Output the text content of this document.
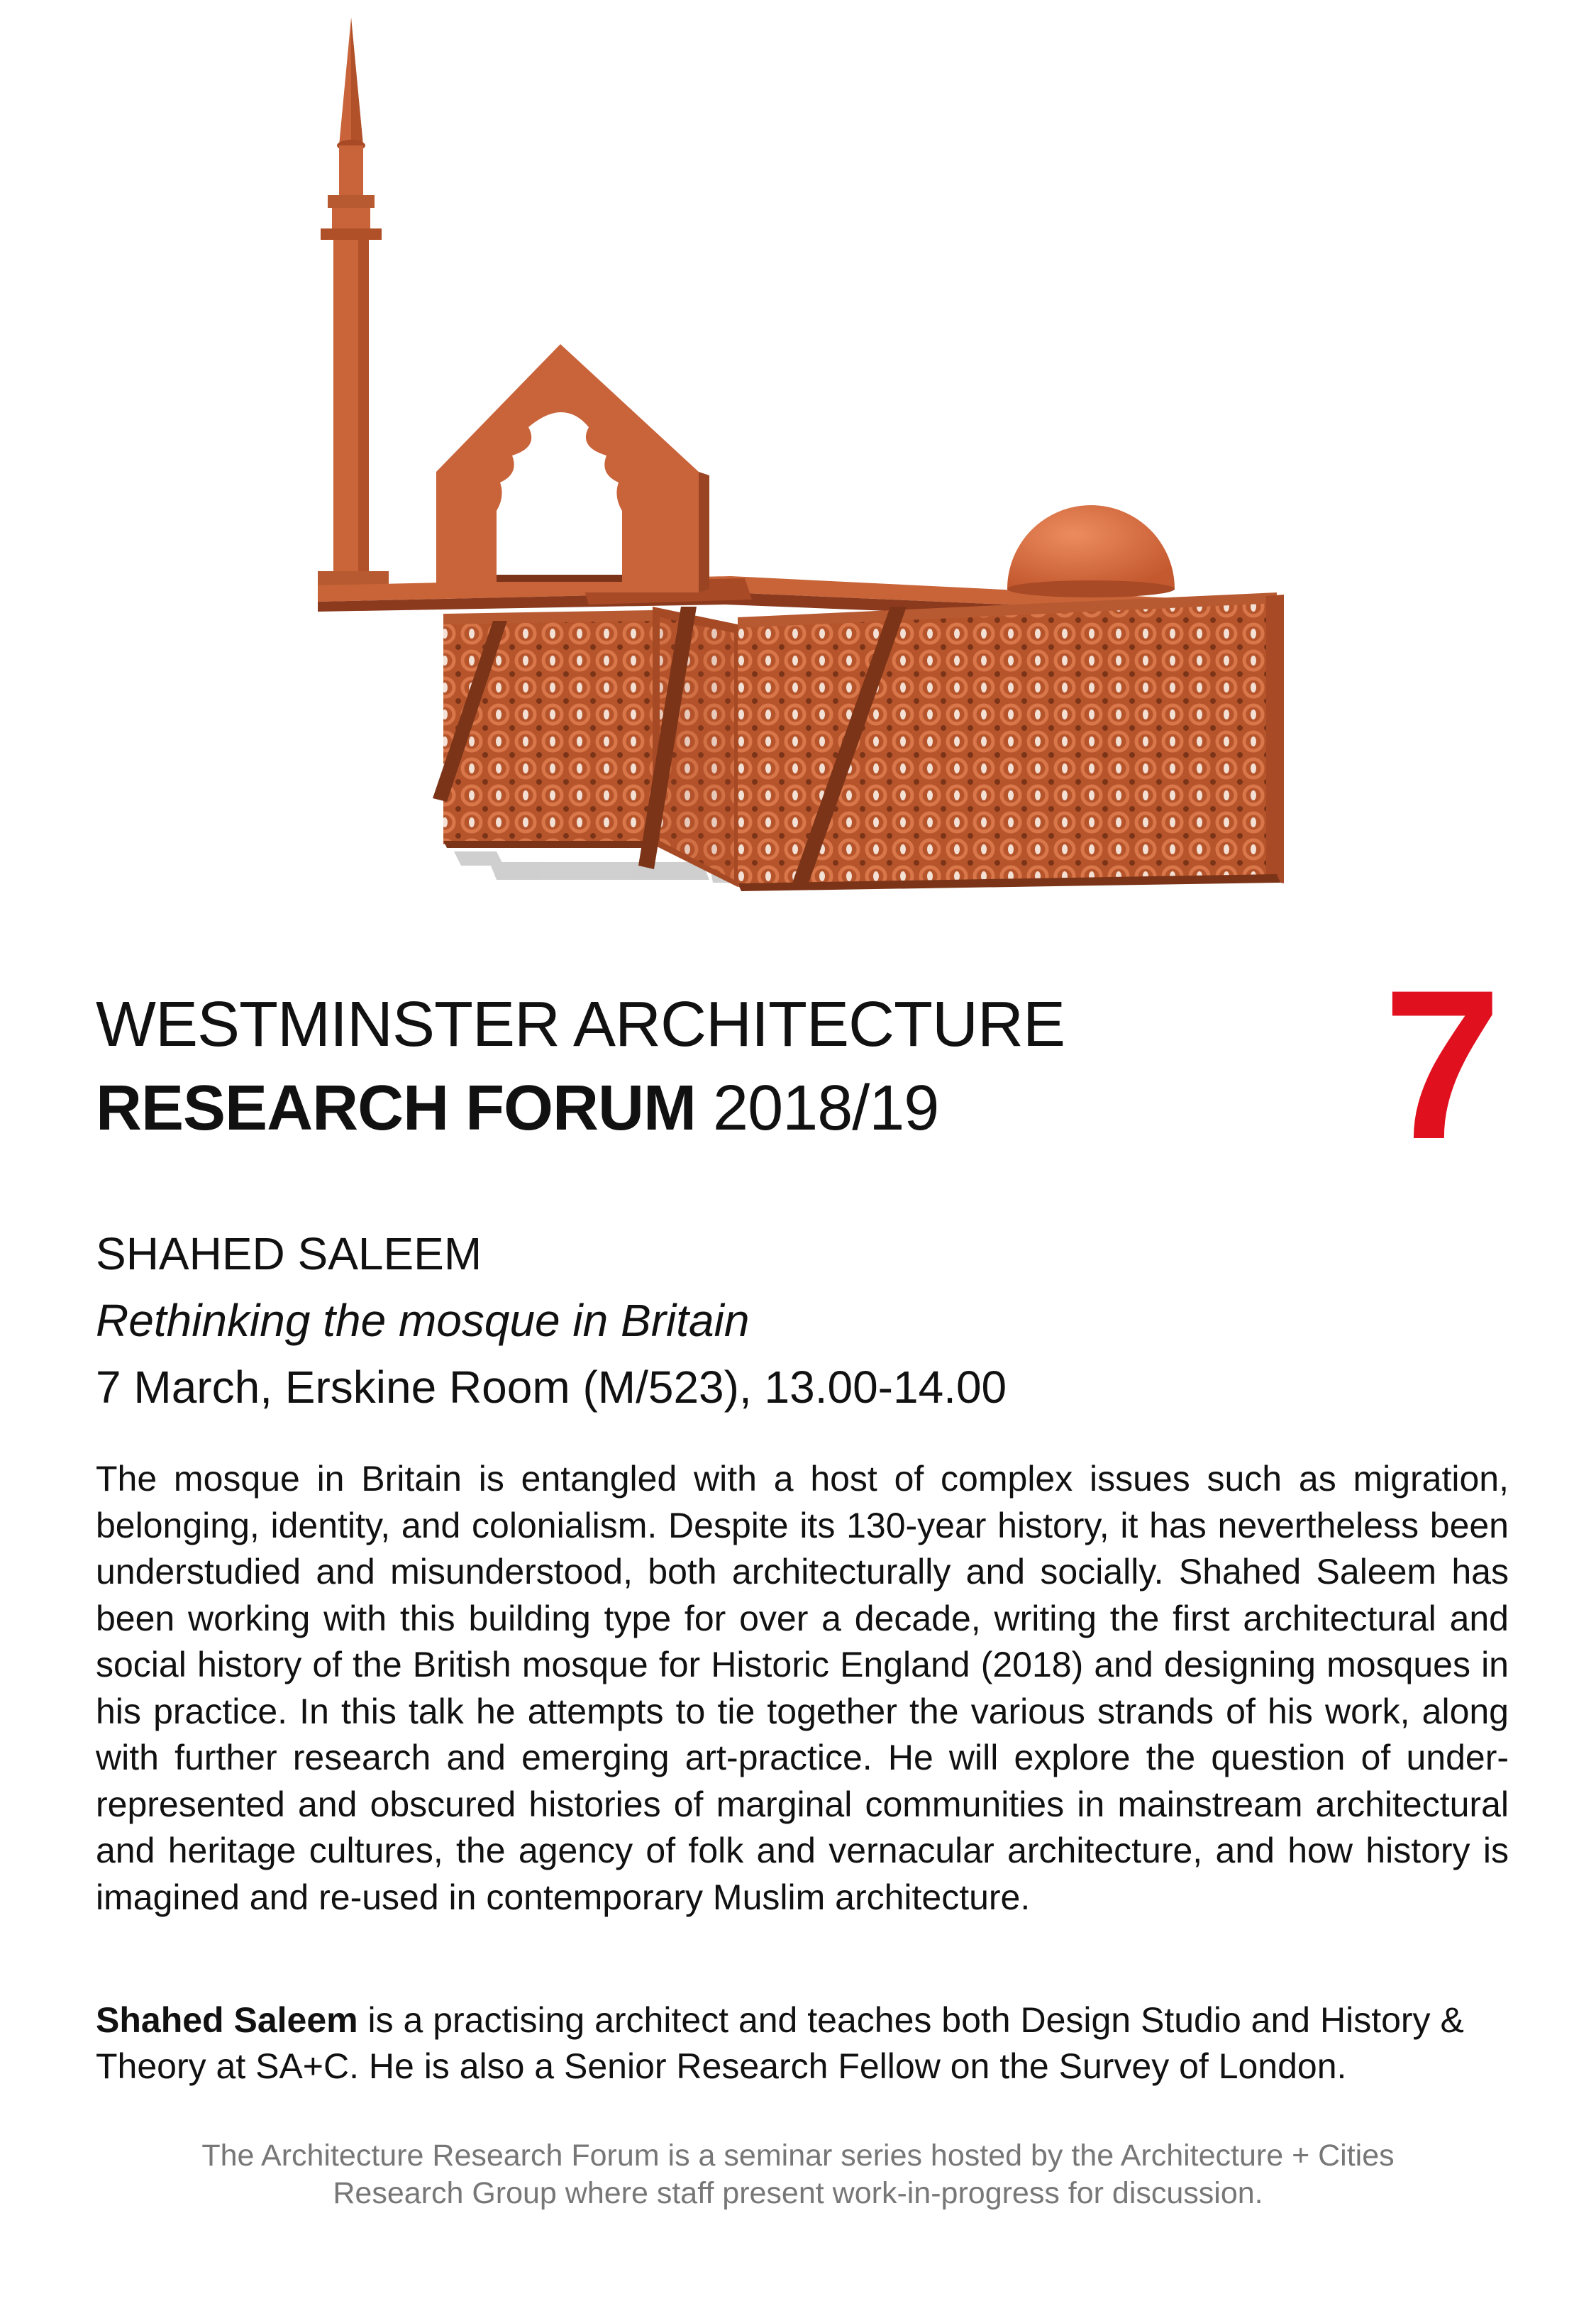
WESTMINSTER ARCHITECTURE
RESEARCH FORUM 2018/19	7
SHAHED SALEEM
Rethinking the mosque in Britain
7 March, Erskine Room (M/523), 13.00-14.00

The mosque in Britain is entangled with a host of complex issues such as migration, belonging, identity, and colonialism. Despite its 130-year history, it has nevertheless been understudied and misunderstood, both architecturally and socially. Shahed Saleem has been working with this building type for over a decade, writing the first architectural and social history of the British mosque for Historic England (2018) and designing mosques in his practice. In this talk he attempts to tie together the various strands of his work, along with further research and emerging art-practice. He will explore the question of under-represented and obscured histories of marginal communities in mainstream architectural and heritage cultures, the agency of folk and vernacular architecture, and how history is imagined and re-used in contemporary Muslim architecture.

Shahed Saleem is a practising architect and teaches both Design Studio and History & Theory at SA+C. He is also a Senior Research Fellow on the Survey of London.

The Architecture Research Forum is a seminar series hosted by the Architecture + Cities
Research Group where staff present work-in-progress for discussion.
